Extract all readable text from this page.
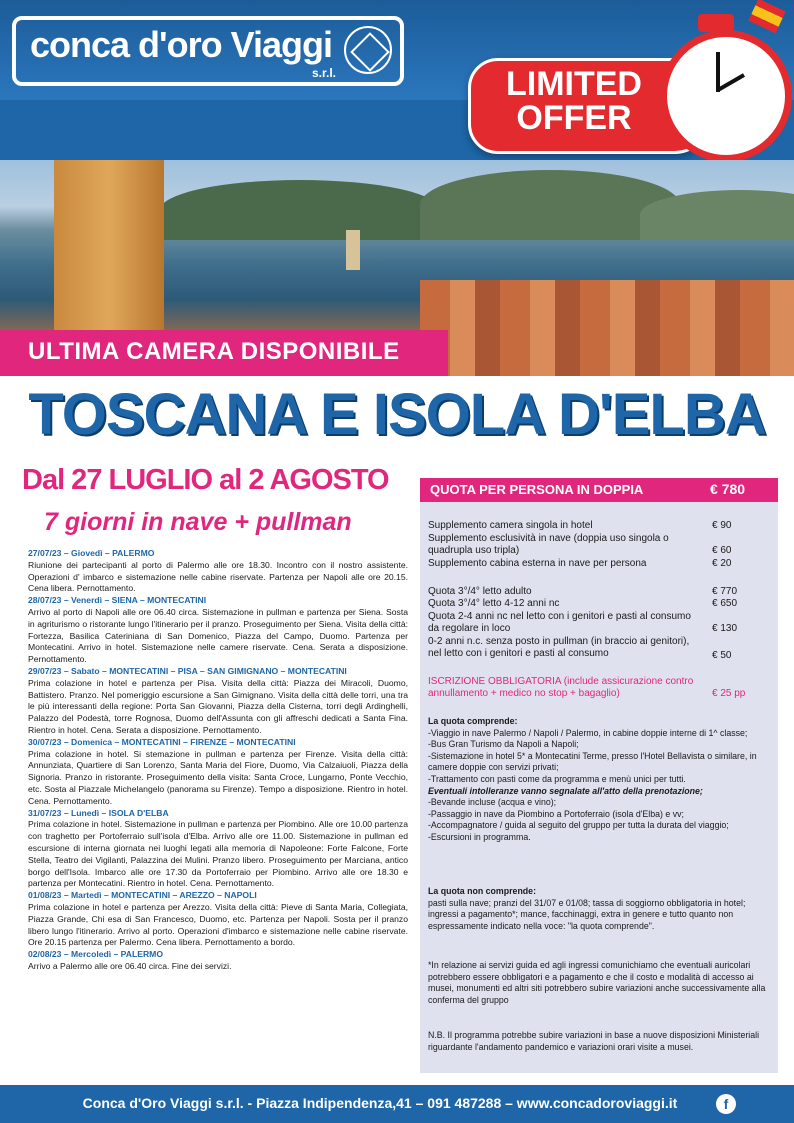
conca d'oro Viaggi
s.r.l.	LIMITED
OFFER
ULTIMA CAMERA DISPONIBILE
TOSCANA E ISOLA D'ELBA
Dal 27 LUGLIO al 2 AGOSTO
7 giorni in nave + pullman

27/07/23 – Giovedì – PALERMO

Riunione dei partecipanti al porto di Palermo alle ore 18.30. Incontro con il nostro assistente. Operazioni d' imbarco e sistemazione nelle cabine riservate. Partenza per Napoli alle ore 20.15. Cena libera. Pernottamento.

28/07/23 – Venerdì – SIENA – MONTECATINI

Arrivo al porto di Napoli alle ore 06.40 circa. Sistemazione in pullman e partenza per Siena. Sosta in agriturismo o ristorante lungo l'itinerario per il pranzo. Proseguimento per Siena. Visita della città: Fortezza, Basilica Cateriniana di San Domenico, Piazza del Campo, Duomo. Partenza per Montecatini. Arrivo in hotel. Sistemazione nelle camere riservate. Cena. Serata a disposizione. Pernottamento.

29/07/23 – Sabato – MONTECATINI – PISA – SAN GIMIGNANO – MONTECATINI

Prima colazione in hotel e partenza per Pisa. Visita della città: Piazza dei Miracoli, Duomo, Battistero. Pranzo. Nel pomeriggio escursione a San Gimignano. Visita della città delle torri, una tra le più interessanti della regione: Porta San Giovanni, Piazza della Cisterna, torri degli Ardinghelli, Palazzo del Podestà, torre Rognosa, Duomo dell'Assunta con gli affreschi dedicati a Santa Fina. Rientro in hotel. Cena. Serata a disposizione. Pernottamento.

30/07/23 – Domenica – MONTECATINI – FIRENZE – MONTECATINI

Prima colazione in hotel. Si stemazione in pullman e partenza per Firenze. Visita della città: Annunziata, Quartiere di San Lorenzo, Santa Maria del Fiore, Duomo, Via Calzaiuoli, Piazza della Signoria. Pranzo in ristorante. Proseguimento della visita: Santa Croce, Lungarno, Ponte Vecchio, etc. Sosta al Piazzale Michelangelo (panorama su Firenze). Tempo a disposizione. Rientro in hotel. Cena. Pernottamento.

31/07/23 – Lunedì – ISOLA D'ELBA

Prima colazione in hotel. Sistemazione in pullman e partenza per Piombino. Alle ore 10.00 partenza con traghetto per Portoferraio sull'isola d'Elba. Arrivo alle ore 11.00. Sistemazione in pullman ed escursione di interna giornata nei luoghi legati alla memoria di Napoleone: Forte Falcone, Forte Stella, Teatro dei Vigilanti, Palazzina dei Mulini. Pranzo libero. Proseguimento per Marciana, antico borgo dell'Isola. Imbarco alle ore 17.30 da Portoferraio per Piombino. Arrivo alle ore 18.30 e partenza per Montecatini. Rientro in hotel. Cena. Pernottamento.

01/08/23 – Martedì – MONTECATINI – AREZZO – NAPOLI

Prima colazione in hotel e partenza per Arezzo. Visita della città: Pieve di Santa Maria, Collegiata, Piazza Grande, Chi esa di San Francesco, Duomo, etc. Partenza per Napoli. Sosta per il pranzo libero lungo l'itinerario. Arrivo al porto. Operazioni d'imbarco e sistemazione nelle cabine riservate. Ore 20.15 partenza per Palermo. Cena libera. Pernottamento a bordo.

02/08/23 – Mercoledì – PALERMO

Arrivo a Palermo alle ore 06.40 circa. Fine dei servizi.

QUOTA PER PERSONA IN DOPPIA	€ 780
Supplemento camera singola in hotel	€ 90
Supplemento esclusività in nave (doppia uso singola o quadrupla uso tripla)	€ 60
Supplemento cabina esterna in nave per persona	€ 20
Quota 3°/4° letto adulto	€ 770
Quota 3°/4° letto 4-12 anni nc	€ 650
Quota 2-4 anni nc nel letto con i genitori e pasti al consumo da regolare in loco	€ 130
0-2 anni n.c. senza posto in pullman (in braccio ai genitori), nel letto con i genitori e pasti al consumo	€ 50
ISCRIZIONE OBBLIGATORIA (include assicurazione contro annullamento + medico no stop + bagaglio)	€ 25 pp

La quota comprende:

-Viaggio in nave Palermo / Napoli / Palermo, in cabine doppie interne di 1^ classe;

-Bus Gran Turismo da Napoli a Napoli;

-Sistemazione in hotel 5* a Montecatini Terme, presso l'Hotel Bellavista o similare, in camere doppie con servizi privati;

-Trattamento con pasti come da programma e menù unici per tutti.

Eventuali intolleranze vanno segnalate all'atto della prenotazione;

-Bevande incluse (acqua e vino);

-Passaggio in nave da Piombino a Portoferraio (isola d'Elba) e vv;

-Accompagnatore / guida al seguito del gruppo per tutta la durata del viaggio;

-Escursioni in programma.

La quota non comprende:

pasti sulla nave; pranzi del 31/07 e 01/08; tassa di soggiorno obbligatoria in hotel; ingressi a pagamento*; mance, facchinaggi, extra in genere e tutto quanto non espressamente indicato nella voce: "la quota comprende".

*In relazione ai servizi guida ed agli ingressi comunichiamo che eventuali auricolari potrebbero essere obbligatori e a pagamento e che il costo e modalità di accesso ai musei, monumenti ed altri siti potrebbero subire variazioni anche successivamente alla conferma del gruppo

N.B. Il programma potrebbe subire variazioni in base a nuove disposizioni Ministeriali riguardante l'andamento pandemico e variazioni orari visite a musei.

Conca d'Oro Viaggi s.r.l. - Piazza Indipendenza,41 – 091 487288 – www.concadoroviaggi.it	f
